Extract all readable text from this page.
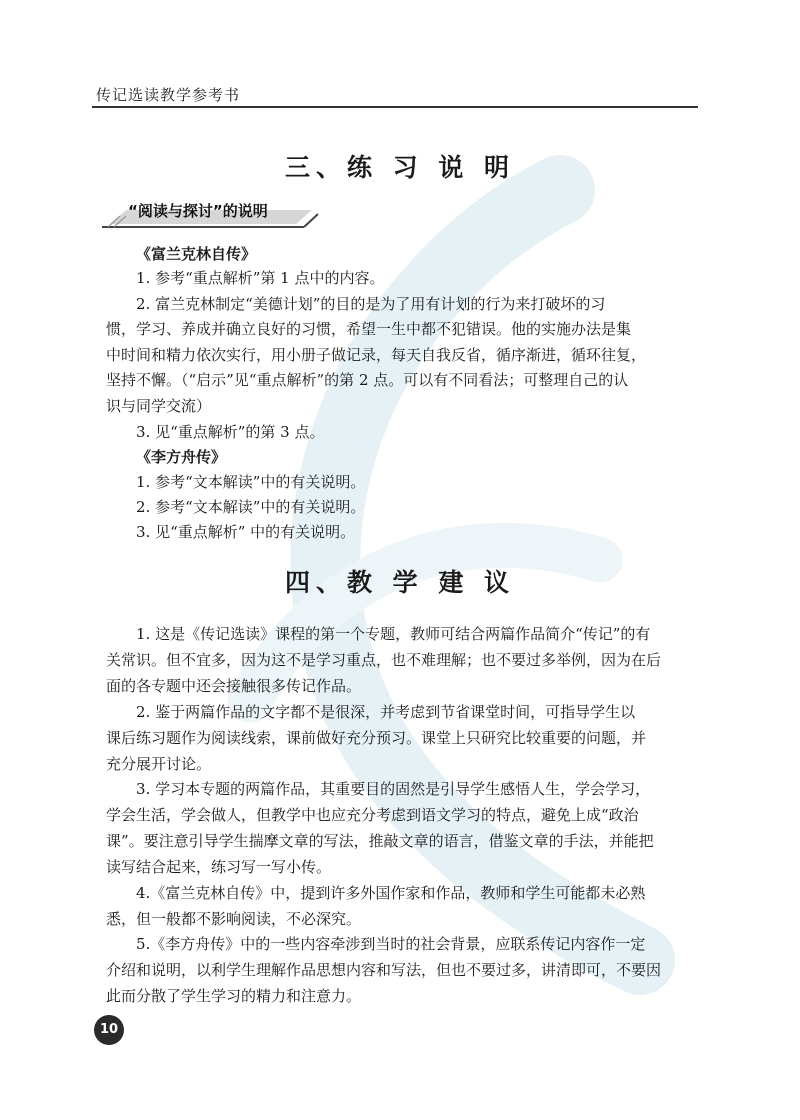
传记选读教学参考书
三、练 习 说 明
“阅读与探讨”的说明
《富兰克林自传》
1. 参考“重点解析”第 1 点中的内容。
2. 富兰克林制定“美德计划”的目的是为了用有计划的行为来打破坏的习
惯，学习、养成并确立良好的习惯，希望一生中都不犯错误。他的实施办法是集
中时间和精力依次实行，用小册子做记录，每天自我反省，循序渐进，循环往复，
坚持不懈。（“启示”见“重点解析”的第 2 点。可以有不同看法；可整理自己的认
识与同学交流）
3. 见“重点解析”的第 3 点。
《李方舟传》
1. 参考“文本解读”中的有关说明。
2. 参考“文本解读”中的有关说明。
3. 见“重点解析” 中的有关说明。
四、教 学 建 议
1. 这是《传记选读》课程的第一个专题，教师可结合两篇作品简介“传记”的有
关常识。但不宜多，因为这不是学习重点，也不难理解；也不要过多举例，因为在后
面的各专题中还会接触很多传记作品。
2. 鉴于两篇作品的文字都不是很深，并考虑到节省课堂时间，可指导学生以
课后练习题作为阅读线索，课前做好充分预习。课堂上只研究比较重要的问题，并
充分展开讨论。
3. 学习本专题的两篇作品，其重要目的固然是引导学生感悟人生，学会学习，
学会生活，学会做人，但教学中也应充分考虑到语文学习的特点，避免上成“政治
课”。要注意引导学生揣摩文章的写法，推敲文章的语言，借鉴文章的手法，并能把
读写结合起来，练习写一写小传。
4.《富兰克林自传》中，提到许多外国作家和作品，教师和学生可能都未必熟
悉，但一般都不影响阅读，不必深究。
5.《李方舟传》中的一些内容牵涉到当时的社会背景，应联系传记内容作一定
介绍和说明，以利学生理解作品思想内容和写法，但也不要过多，讲清即可，不要因
此而分散了学生学习的精力和注意力。
10
